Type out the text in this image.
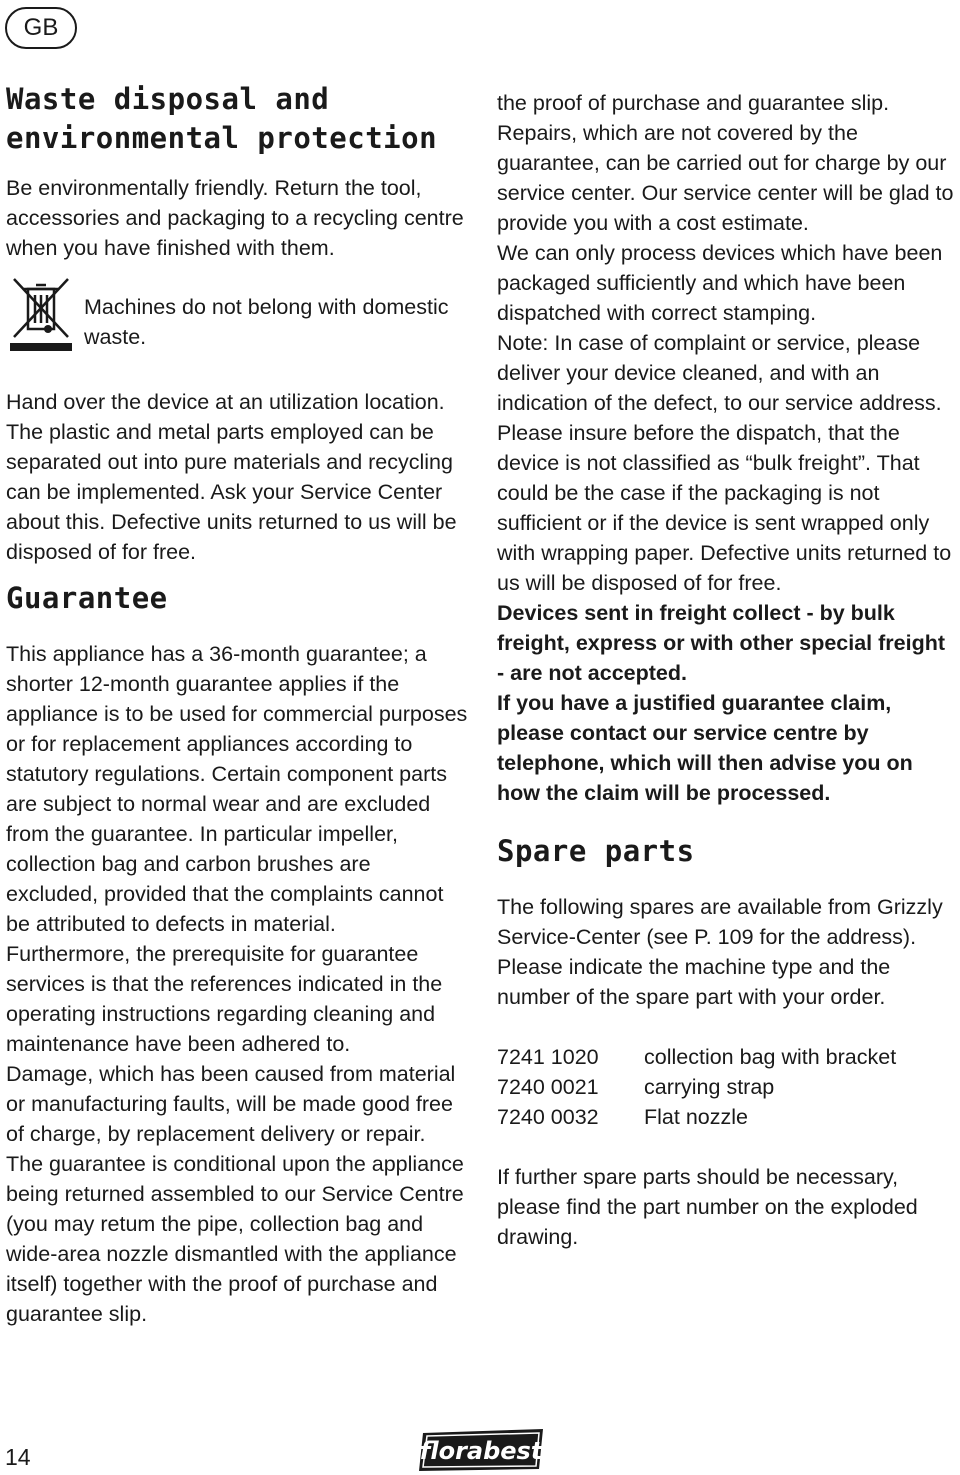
GB
Waste disposal and
environmental protection

Be environmentally friendly. Return the tool, accessories and packaging to a recycling centre when you have finished with them.

Machines do not belong with domestic waste.

Hand over the device at an utilization location. The plastic and metal parts employed can be separated out into pure materials and recycling can be implemented. Ask your Service Center about this. Defective units returned to us will be disposed of for free.

Guarantee

This appliance has a 36-month guarantee; a shorter 12-month guarantee applies if the appliance is to be used for commercial purposes or for replacement appliances according to statutory regulations. Certain component parts are subject to normal wear and are excluded from the guarantee. In particular impeller, collection bag and carbon brushes are excluded, provided that the complaints cannot be attributed to defects in material.

Furthermore, the prerequisite for guarantee services is that the references indicated in the operating instructions regarding cleaning and maintenance have been adhered to.

Damage, which has been caused from material or manufacturing faults, will be made good free of charge, by replacement delivery or repair. The guarantee is conditional upon the appliance being returned assembled to our Service Centre (you may retum the pipe, collection bag and wide-area nozzle dismantled with the appliance itself) together with the proof of purchase and guarantee slip.

the proof of purchase and guarantee slip.

Repairs, which are not covered by the guarantee, can be carried out for charge by our service center. Our service center will be glad to provide you with a cost estimate.

We can only process devices which have been packaged sufficiently and which have been dispatched with correct stamping.

Note: In case of complaint or service, please deliver your device cleaned, and with an indication of the defect, to our service address.

Please insure before the dispatch, that the device is not classified as “bulk freight”. That could be the case if the packaging is not sufficient or if the device is sent wrapped only with wrapping paper. Defective units returned to us will be disposed of for free.

Devices sent in freight collect - by bulk freight, express or with other special freight - are not accepted.

If you have a justified guarantee claim, please contact our service centre by telephone, which will then advise you on how the claim will be processed.

Spare parts

The following spares are available from Grizzly Service-Center (see P. 109 for the address). Please indicate the machine type and the number of the spare part with your order.

7241 1020	collection bag with bracket
7240 0021	carrying strap
7240 0032	Flat nozzle

If further spare parts should be necessary, please find the part number on the exploded drawing.

14	florabest
